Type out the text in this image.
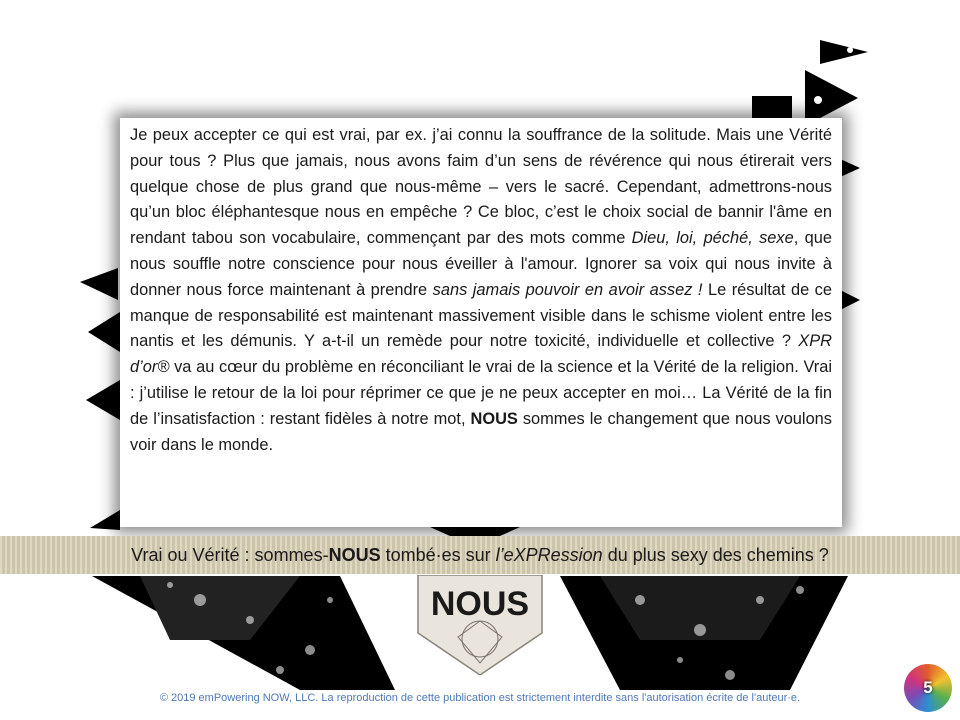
NOUS

Je peux accepter ce qui est vrai, par ex. j’ai connu la souffrance de la solitude. Mais une Vérité pour tous ? Plus que jamais, nous avons faim d’un sens de révérence qui nous étirerait vers quelque chose de plus grand que nous-même – vers le sacré. Cependant, admettrons-nous qu’un bloc éléphantesque nous en empêche ? Ce bloc, c’est le choix social de bannir l'âme en rendant tabou son vocabulaire, commençant par des mots comme Dieu, loi, péché, sexe, que nous souffle notre conscience pour nous éveiller à l'amour. Ignorer sa voix qui nous invite à donner nous force maintenant à prendre sans jamais pouvoir en avoir assez ! Le résultat de ce manque de responsabilité est maintenant massivement visible dans le schisme violent entre les nantis et les démunis. Y a-t-il un remède pour notre toxicité, individuelle et collective ? XPR d’or® va au cœur du problème en réconciliant le vrai de la science et la Vérité de la religion. Vrai : j’utilise le retour de la loi pour réprimer ce que je ne peux accepter en moi… La Vérité de la fin de l’insatisfaction : restant fidèles à notre mot, NOUS sommes le changement que nous voulons voir dans le monde.

Vrai ou Vérité : sommes-NOUS tombé·es sur l’eXPRession du plus sexy des chemins ?
© 2019 emPowering NOW, LLC. La reproduction de cette publication est strictement interdite sans l'autorisation écrite de l'auteur·e.
5
